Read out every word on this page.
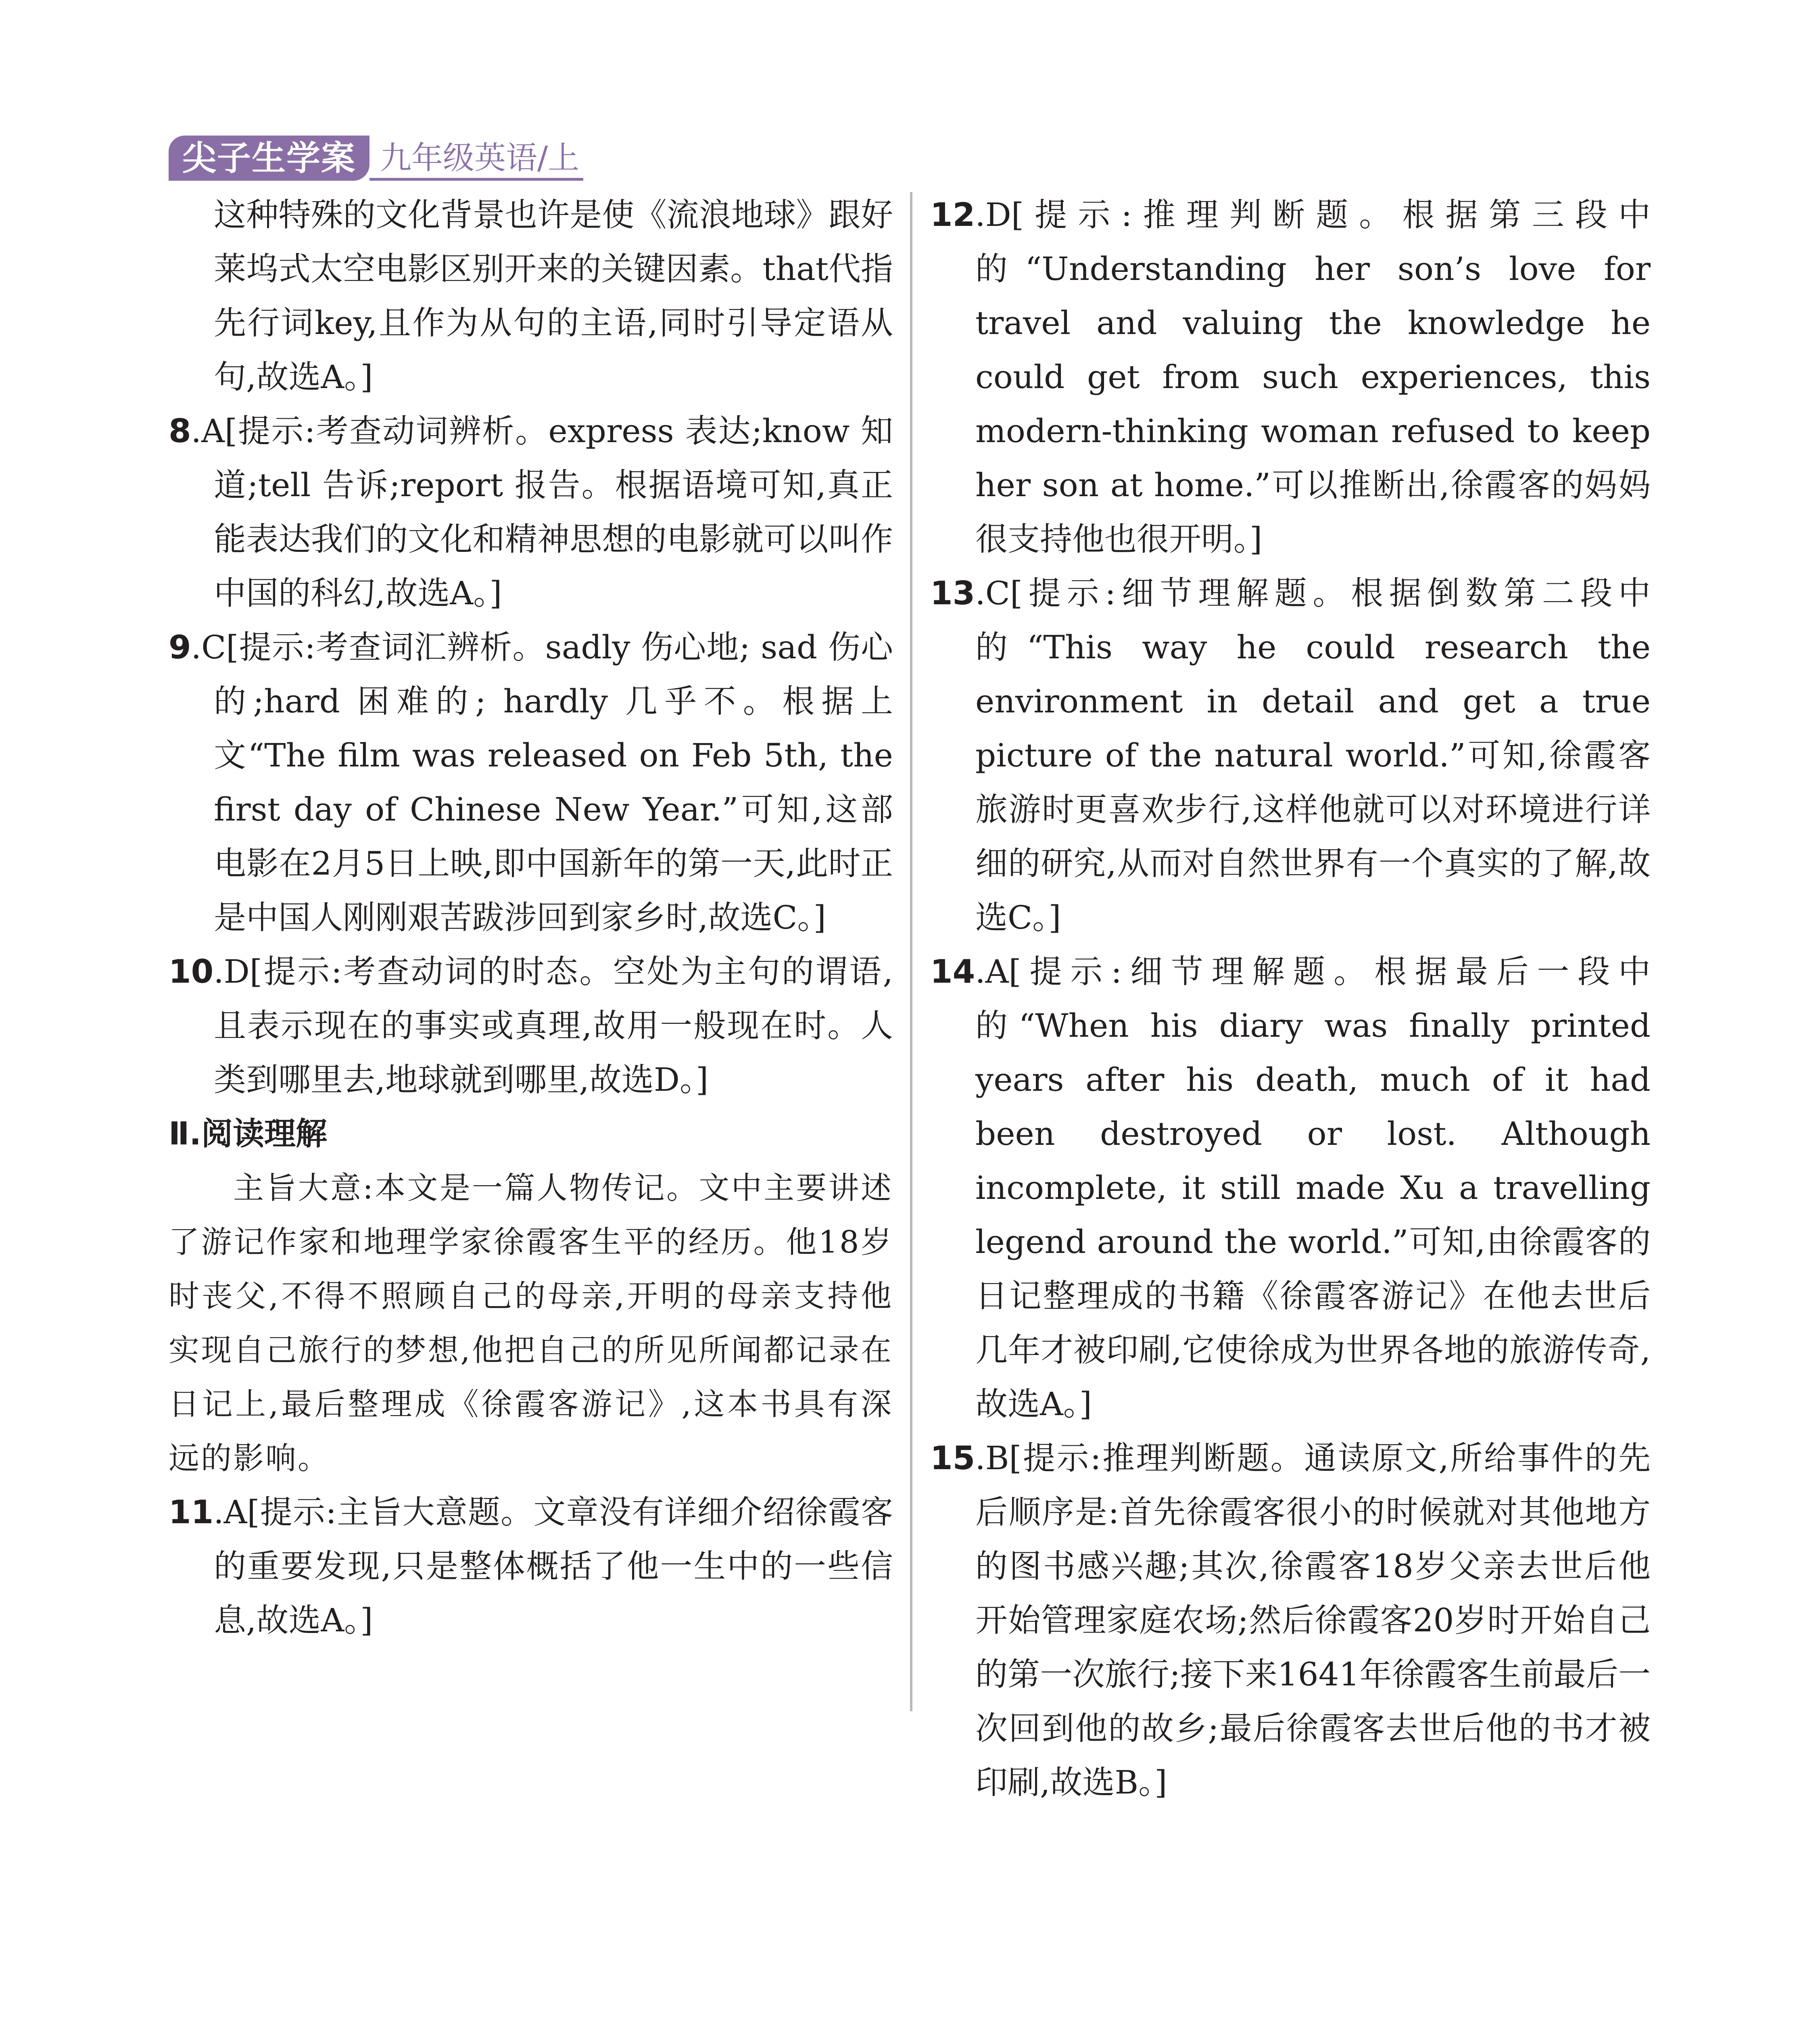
尖子生学案 九年级英语/上

这种特殊的文化背景也许是使《流浪地球》跟好莱坞式太空电影区别开来的关键因素。that代指先行词key,且作为从句的主语,同时引导定语从句,故选A。]

8.A[提示:考查动词辨析。express 表达;know 知道;tell 告诉;report 报告。根据语境可知,真正能表达我们的文化和精神思想的电影就可以叫作中国的科幻,故选A。]

9.C[提示:考查词汇辨析。sadly 伤心地; sad 伤心的;hard 困难的; hardly 几乎不。根据上文“The film was released on Feb 5th, the first day of Chinese New Year.”可知,这部电影在2月5日上映,即中国新年的第一天,此时正是中国人刚刚艰苦跋涉回到家乡时,故选C。]

10.D[提示:考查动词的时态。空处为主句的谓语,且表示现在的事实或真理,故用一般现在时。人类到哪里去,地球就到哪里,故选D。]

Ⅱ.阅读理解

主旨大意:本文是一篇人物传记。文中主要讲述了游记作家和地理学家徐霞客生平的经历。他18岁时丧父,不得不照顾自己的母亲,开明的母亲支持他实现自己旅行的梦想,他把自己的所见所闻都记录在日记上,最后整理成《徐霞客游记》,这本书具有深远的影响。

11.A[提示:主旨大意题。文章没有详细介绍徐霞客的重要发现,只是整体概括了他一生中的一些信息,故选A。]

12.D[提示:推理判断题。根据第三段中的“Understanding her son’s love for travel and valuing the knowledge he could get from such experiences, this modern-thinking woman refused to keep her son at home.”可以推断出,徐霞客的妈妈很支持他也很开明。]

13.C[提示:细节理解题。根据倒数第二段中的“This way he could research the environment in detail and get a true picture of the natural world.”可知,徐霞客旅游时更喜欢步行,这样他就可以对环境进行详细的研究,从而对自然世界有一个真实的了解,故选C。]

14.A[提示:细节理解题。根据最后一段中的“When his diary was finally printed years after his death, much of it had been destroyed or lost. Although incomplete, it still made Xu a travelling legend around the world.”可知,由徐霞客的日记整理成的书籍《徐霞客游记》在他去世后几年才被印刷,它使徐成为世界各地的旅游传奇,故选A。]

15.B[提示:推理判断题。通读原文,所给事件的先后顺序是:首先徐霞客很小的时候就对其他地方的图书感兴趣;其次,徐霞客18岁父亲去世后他开始管理家庭农场;然后徐霞客20岁时开始自己的第一次旅行;接下来1641年徐霞客生前最后一次回到他的故乡;最后徐霞客去世后他的书才被印刷,故选B。]
